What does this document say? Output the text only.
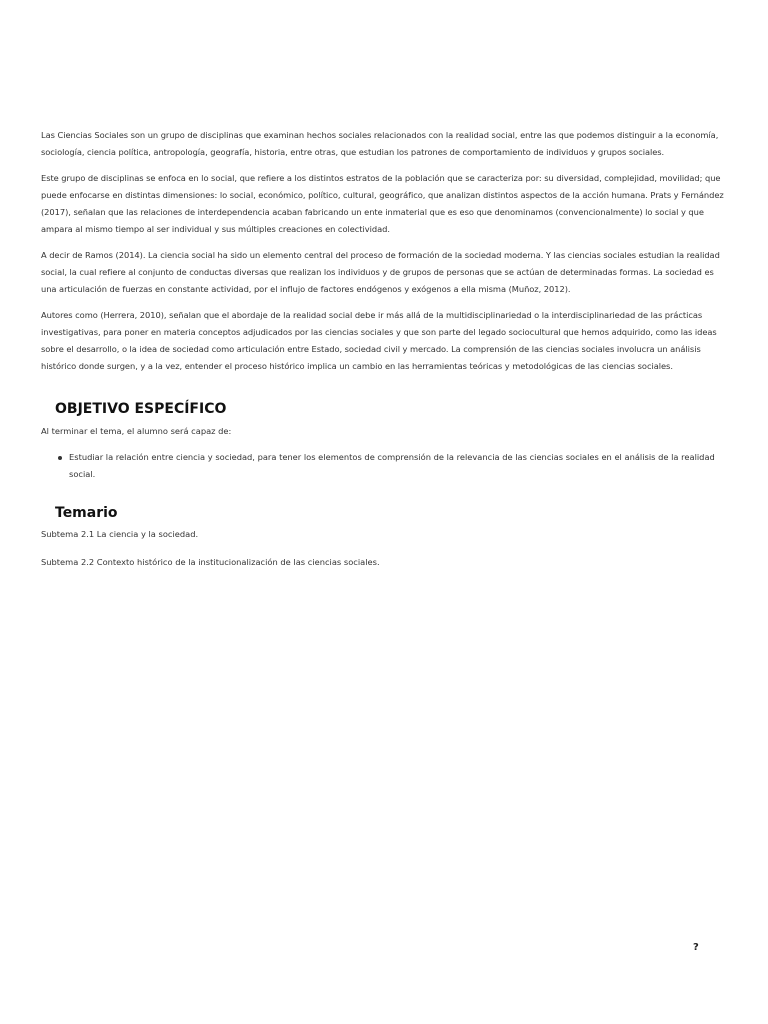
Las Ciencias Sociales son un grupo de disciplinas que examinan hechos sociales relacionados con la realidad social, entre las que podemos distinguir a la economía, sociología, ciencia política, antropología, geografía, historia, entre otras, que estudian los patrones de comportamiento de individuos y grupos sociales.

Este grupo de disciplinas se enfoca en lo social, que refiere a los distintos estratos de la población que se caracteriza por: su diversidad, complejidad, movilidad; que puede enfocarse en distintas dimensiones: lo social, económico, político, cultural, geográfico, que analizan distintos aspectos de la acción humana. Prats y Fernández (2017), señalan que las relaciones de interdependencia acaban fabricando un ente inmaterial que es eso que denominamos (convencionalmente) lo social y que ampara al mismo tiempo al ser individual y sus múltiples creaciones en colectividad.

A decir de Ramos (2014). La ciencia social ha sido un elemento central del proceso de formación de la sociedad moderna. Y las ciencias sociales estudian la realidad social, la cual refiere al conjunto de conductas diversas que realizan los individuos y de grupos de personas que se actúan de determinadas formas. La sociedad es una articulación de fuerzas en constante actividad, por el influjo de factores endógenos y exógenos a ella misma (Muñoz, 2012).

Autores como (Herrera, 2010), señalan que el abordaje de la realidad social debe ir más allá de la multidisciplinariedad o la interdisciplinariedad de las prácticas investigativas, para poner en materia conceptos adjudicados por las ciencias sociales y que son parte del legado sociocultural que hemos adquirido, como las ideas sobre el desarrollo, o la idea de sociedad como articulación entre Estado, sociedad civil y mercado. La comprensión de las ciencias sociales involucra un análisis histórico donde surgen, y a la vez, entender el proceso histórico implica un cambio en las herramientas teóricas y metodológicas de las ciencias sociales.

OBJETIVO ESPECÍFICO

Al terminar el tema, el alumno será capaz de:

Estudiar la relación entre ciencia y sociedad, para tener los elementos de comprensión de la relevancia de las ciencias sociales en el análisis de la realidad social.
Temario

Subtema 2.1 La ciencia y la sociedad.

Subtema 2.2 Contexto histórico de la institucionalización de las ciencias sociales.

?
